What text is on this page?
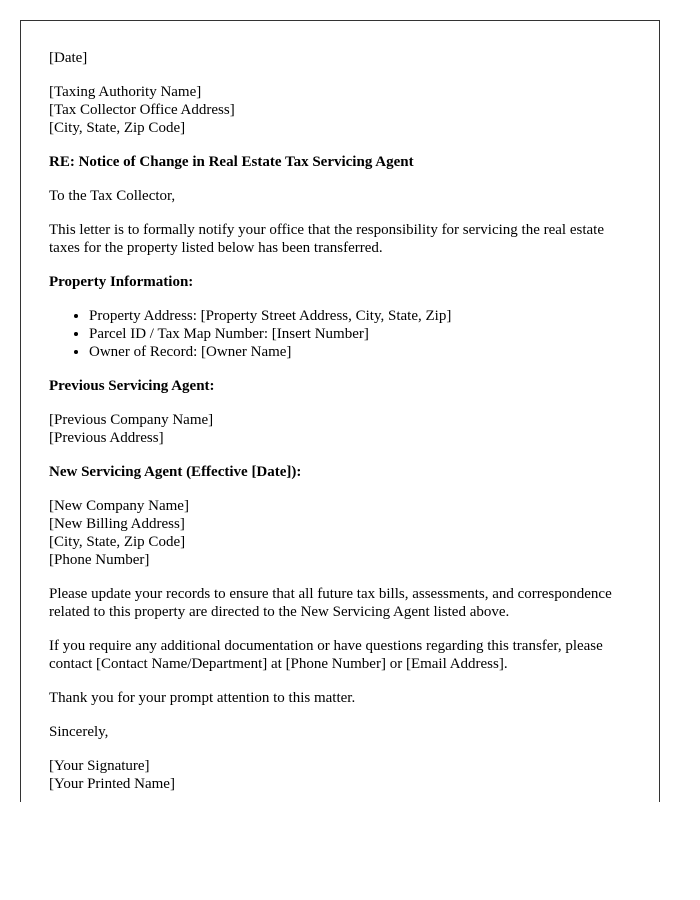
[Date]

[Taxing Authority Name]
[Tax Collector Office Address]
[City, State, Zip Code]

RE: Notice of Change in Real Estate Tax Servicing Agent

To the Tax Collector,

This letter is to formally notify your office that the responsibility for servicing the real estate taxes for the property listed below has been transferred.

Property Information:

• Property Address: [Property Street Address, City, State, Zip]
• Parcel ID / Tax Map Number: [Insert Number]
• Owner of Record: [Owner Name]

Previous Servicing Agent:

[Previous Company Name]
[Previous Address]

New Servicing Agent (Effective [Date]):

[New Company Name]
[New Billing Address]
[City, State, Zip Code]
[Phone Number]

Please update your records to ensure that all future tax bills, assessments, and correspondence related to this property are directed to the New Servicing Agent listed above.

If you require any additional documentation or have questions regarding this transfer, please contact [Contact Name/Department] at [Phone Number] or [Email Address].

Thank you for your prompt attention to this matter.

Sincerely,

[Your Signature]
[Your Printed Name]
